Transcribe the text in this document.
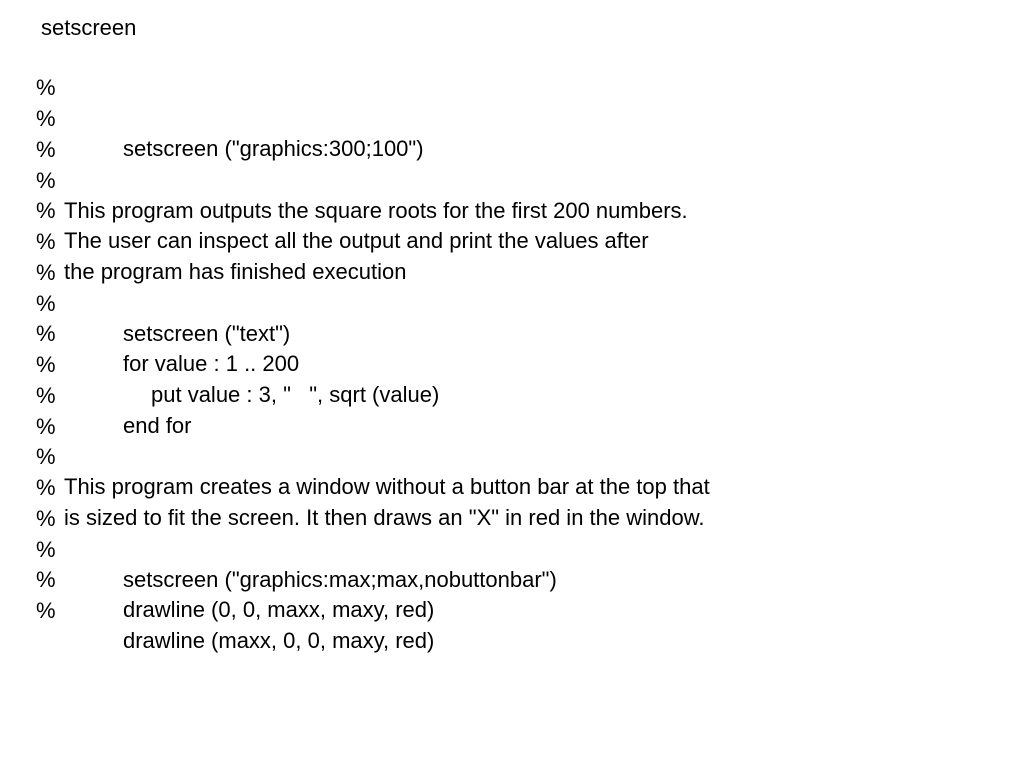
setscreen

%

%

setscreen ("graphics:300;100")

%

%

This program outputs the square roots for the first 200 numbers.

%

The user can inspect all the output and print the values after

%

the program has finished execution

%

%

setscreen ("text")

%

for value : 1 .. 200

%

put value : 3, "   ", sqrt (value)

%

end for

%

%

This program creates a window without a button bar at the top that

%

is sized to fit the screen. It then draws an "X" in red in the window.

%

%

setscreen ("graphics:max;max,nobuttonbar")

%

drawline (0, 0, maxx, maxy, red)

%

drawline (maxx, 0, 0, maxy, red)
